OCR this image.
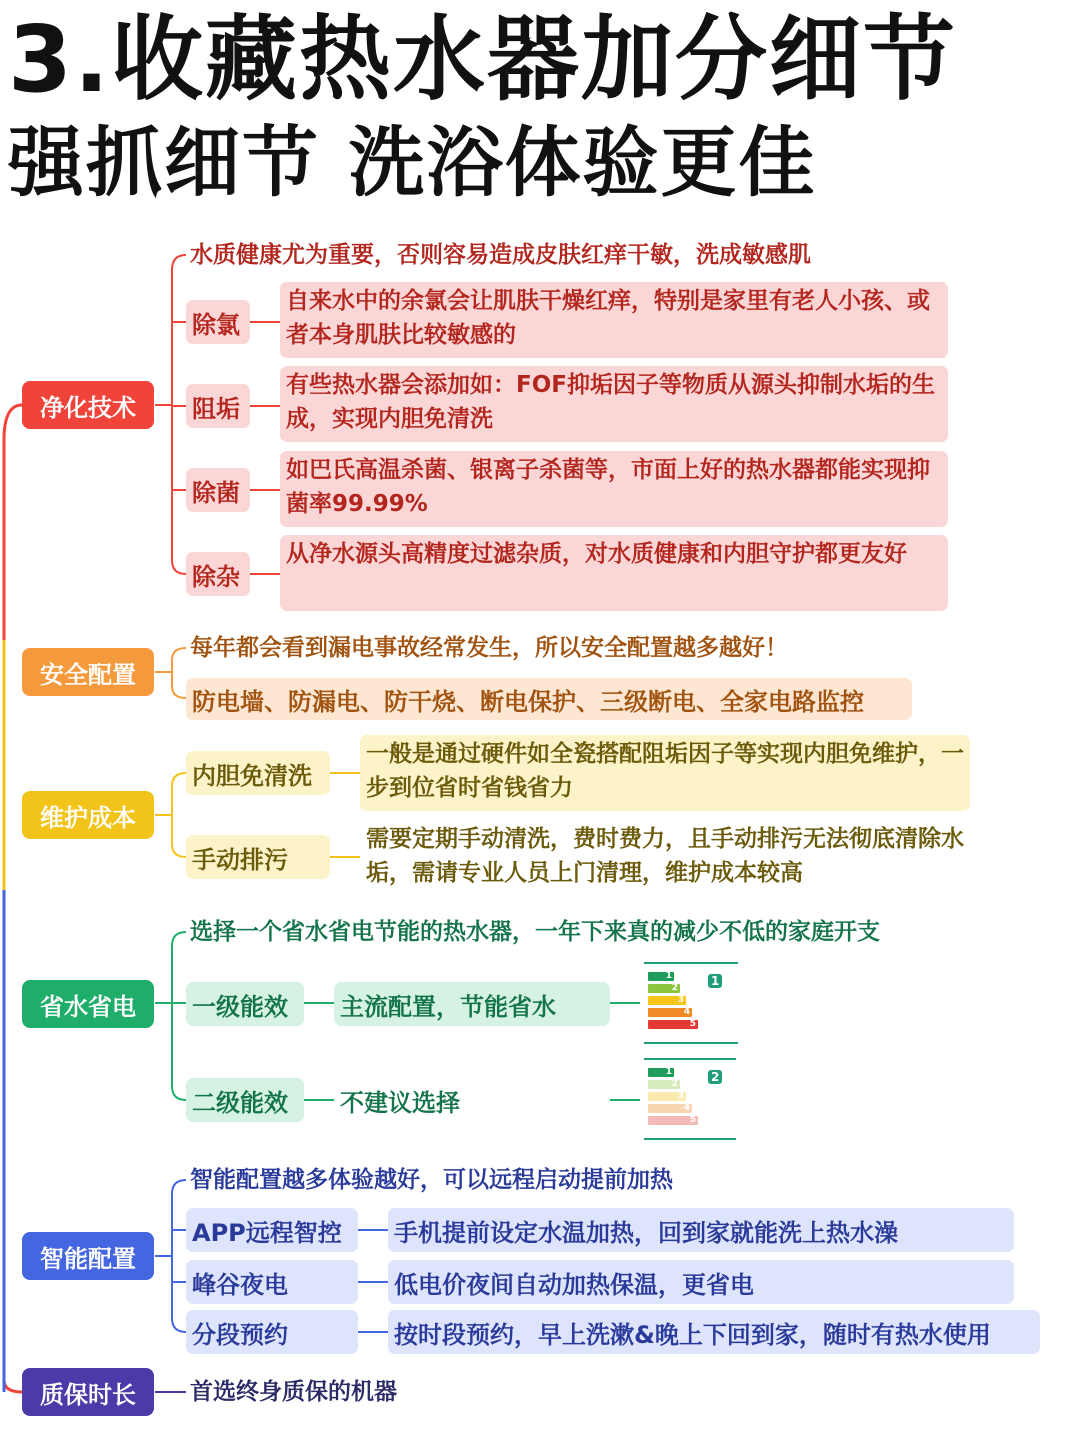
3.收藏热水器加分细节
强抓细节 洗浴体验更佳
净化技术
水质健康尤为重要，否则容易造成皮肤红痒干敏，洗成敏感肌
除氯
自来水中的余氯会让肌肤干燥红痒，特别是家里有老人小孩、或者本身肌肤比较敏感的
阻垢
有些热水器会添加如：FOF抑垢因子等物质从源头抑制水垢的生成，实现内胆免清洗
除菌
如巴氏高温杀菌、银离子杀菌等，市面上好的热水器都能实现抑菌率99.99%
除杂
从净水源头高精度过滤杂质，对水质健康和内胆守护都更友好
安全配置
每年都会看到漏电事故经常发生，所以安全配置越多越好！
防电墙、防漏电、防干烧、断电保护、三级断电、全家电路监控
维护成本
内胆免清洗
一般是通过硬件如全瓷搭配阻垢因子等实现内胆免维护，一步到位省时省钱省力
手动排污
需要定期手动清洗，费时费力，且手动排污无法彻底清除水垢，需请专业人员上门清理，维护成本较高
省水省电
选择一个省水省电节能的热水器，一年下来真的减少不低的家庭开支
一级能效	主流配置，节能省水
二级能效	不建议选择
1
2
3
4
5
1
1
2
3
4
5
2
智能配置
智能配置越多体验越好，可以远程启动提前加热
APP远程智控	手机提前设定水温加热，回到家就能洗上热水澡
峰谷夜电	低电价夜间自动加热保温，更省电
分段预约	按时段预约，早上洗漱&晚上下回到家，随时有热水使用
质保时长	首选终身质保的机器
